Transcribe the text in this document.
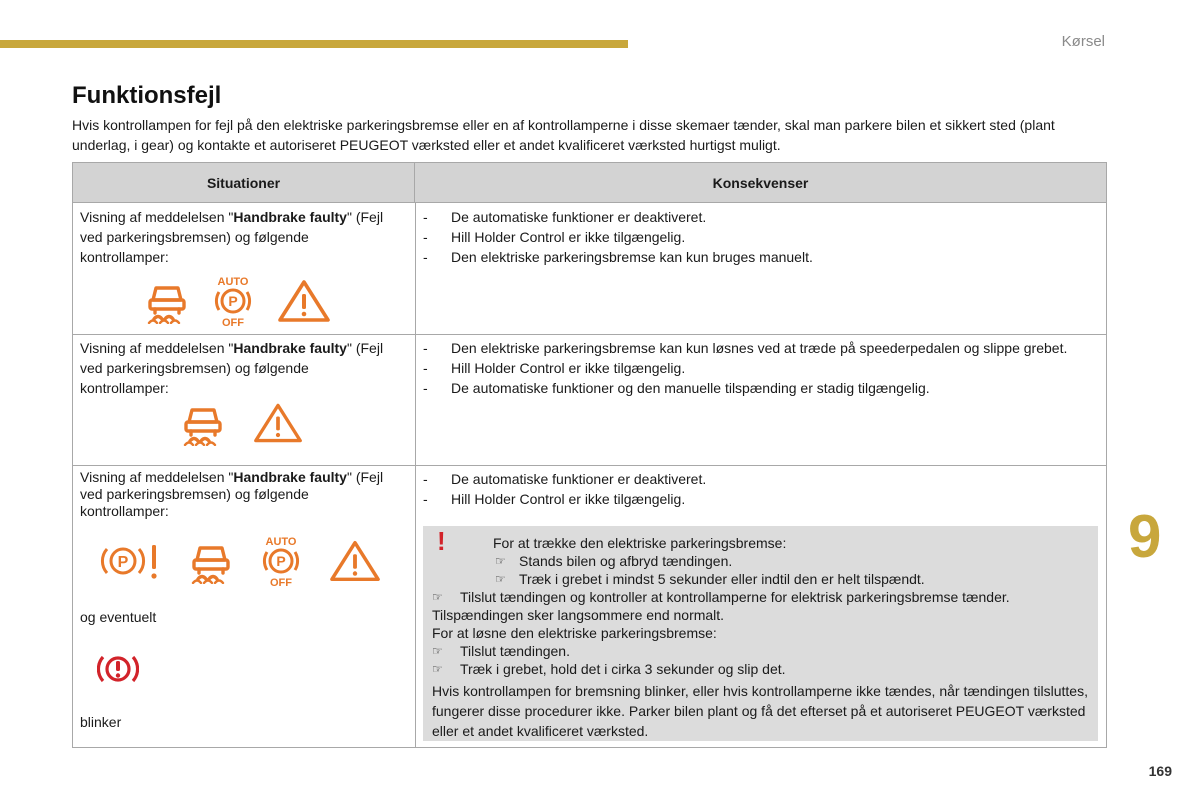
Kørsel
9
169
Funktionsfejl

Hvis kontrollampen for fejl på den elektriske parkeringsbremse eller en af kontrollamperne i disse skemaer tænder, skal man parkere bilen et sikkert sted (plant underlag, i gear) og kontakte et autoriseret PEUGEOT værksted eller et andet kvalificeret værksted hurtigst muligt.

Situationer	Konsekvenser
Visning af meddelelsen "Handbrake faulty" (Fejl ved parkeringsbremsen) og følgende kontrollamper:
AUTO
P
OFF
- De automatiske funktioner er deaktiveret.
- Hill Holder Control er ikke tilgængelig.
- Den elektriske parkeringsbremse kan kun bruges manuelt.
Visning af meddelelsen "Handbrake faulty" (Fejl ved parkeringsbremsen) og følgende kontrollamper:
- Den elektriske parkeringsbremse kan kun løsnes ved at træde på speederpedalen og slippe grebet.
- Hill Holder Control er ikke tilgængelig.
- De automatiske funktioner og den manuelle tilspænding er stadig tilgængelig.
Visning af meddelelsen "Handbrake faulty" (Fejl ved parkeringsbremsen) og følgende kontrollamper:
P
AUTO
P
OFF
og eventuelt
blinker
- De automatiske funktioner er deaktiveret.
- Hill Holder Control er ikke tilgængelig.
!	For at trække den elektriske parkeringsbremse:
☞ Stands bilen og afbryd tændingen.
☞ Træk i grebet i mindst 5 sekunder eller indtil den er helt tilspændt.
☞ Tilslut tændingen og kontroller at kontrollamperne for elektrisk parkeringsbremse tænder.
Tilspændingen sker langsommere end normalt.
For at løsne den elektriske parkeringsbremse:
☞ Tilslut tændingen.
☞ Træk i grebet, hold det i cirka 3 sekunder og slip det.
Hvis kontrollampen for bremsning blinker, eller hvis kontrollamperne ikke tændes, når tændingen tilsluttes, fungerer disse procedurer ikke. Parker bilen plant og få det efterset på et autoriseret PEUGEOT værksted eller et andet kvalificeret værksted.
